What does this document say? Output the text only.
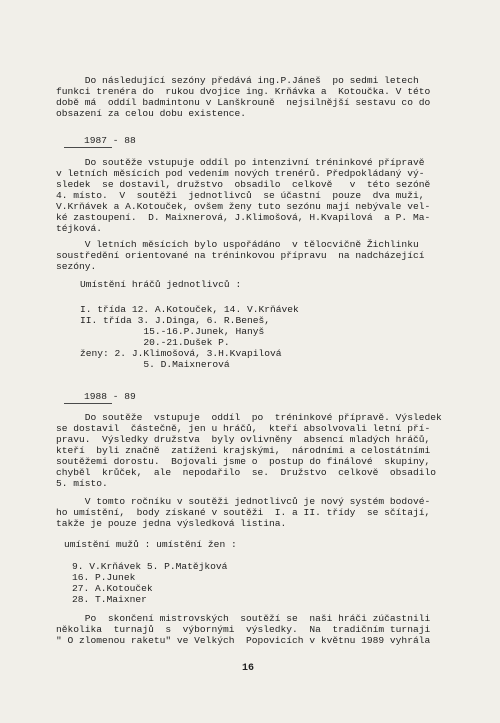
Do následující sezóny předává ing.P.Jáneš  po sedmi letech
funkci trenéra do  rukou dvojice ing. Krňávka a  Kotoučka. V této
době má  oddíl badmintonu v Lanškrouně  nejsilnější sestavu co do
obsazení za celou dobu existence.
1987 - 88
Do soutěže vstupuje oddíl po intenzivní tréninkové přípravě
v letních měsících pod vedením nových trenérů. Předpokládaný vý-
sledek  se dostavil, družstvo  obsadilo  celkově   v  této sezóně
4. místo.  V  soutěži  jednotlivců  se účastní  pouze  dva muži,
V.Krňávek a A.Kotouček, ovšem ženy tuto sezónu mají nebývale vel-
ké zastoupení.  D. Maixnerová, J.Klimošová, H.Kvapilová  a P. Ma-
téjková.
V letních měsících bylo uspořádáno  v tělocvičně Žichlinku
soustředění orientované na tréninkovou přípravu  na nadcházející
sezóny.
Umístění hráčů jednotlivců :
I. třída 12. A.Kotouček, 14. V.Krňávek
II. třída 3. J.Dinga, 6. R.Beneš,
15.-16.P.Junek, Hanyš
20.-21.Dušek P.
ženy: 2. J.Klimošová, 3.H.Kvapilová
5. D.Maixnerová
1988 - 89
Do soutěže  vstupuje  oddíl  po  tréninkové přípravě. Výsledek
se dostavil  částečně, jen u hráčů,  kteří absolvovali letní pří-
pravu.  Výsledky družstva  byly ovlivněny  absencí mladých hráčů,
kteří  byli značně  zatíženi krajskými,  národními a celostátními
soutěžemi dorostu.  Bojovali jsme o  postup do finálové  skupiny,
chyběl  krůček,  ale  nepodařilo  se.  Družstvo  celkově  obsadilo
5. místo.
V tomto ročníku v soutěži jednotlivců je nový systém bodové-
ho umístění,  body získané v soutěži  I. a II. třídy  se sčítají,
takže je pouze jedna výsledková listina.
umístění mužů : umístění žen :
9. V.Krňávek 5. P.Matějková
16. P.Junek
27. A.Kotouček
28. T.Maixner
Po  skončení mistrovských  soutěží se  naši hráči zúčastnili
několika  turnajů  s  výbornými  výsledky.  Na  tradičním turnaji
" O zlomenou raketu" ve Velkých  Popovicích v květnu 1989 vyhrála
16
